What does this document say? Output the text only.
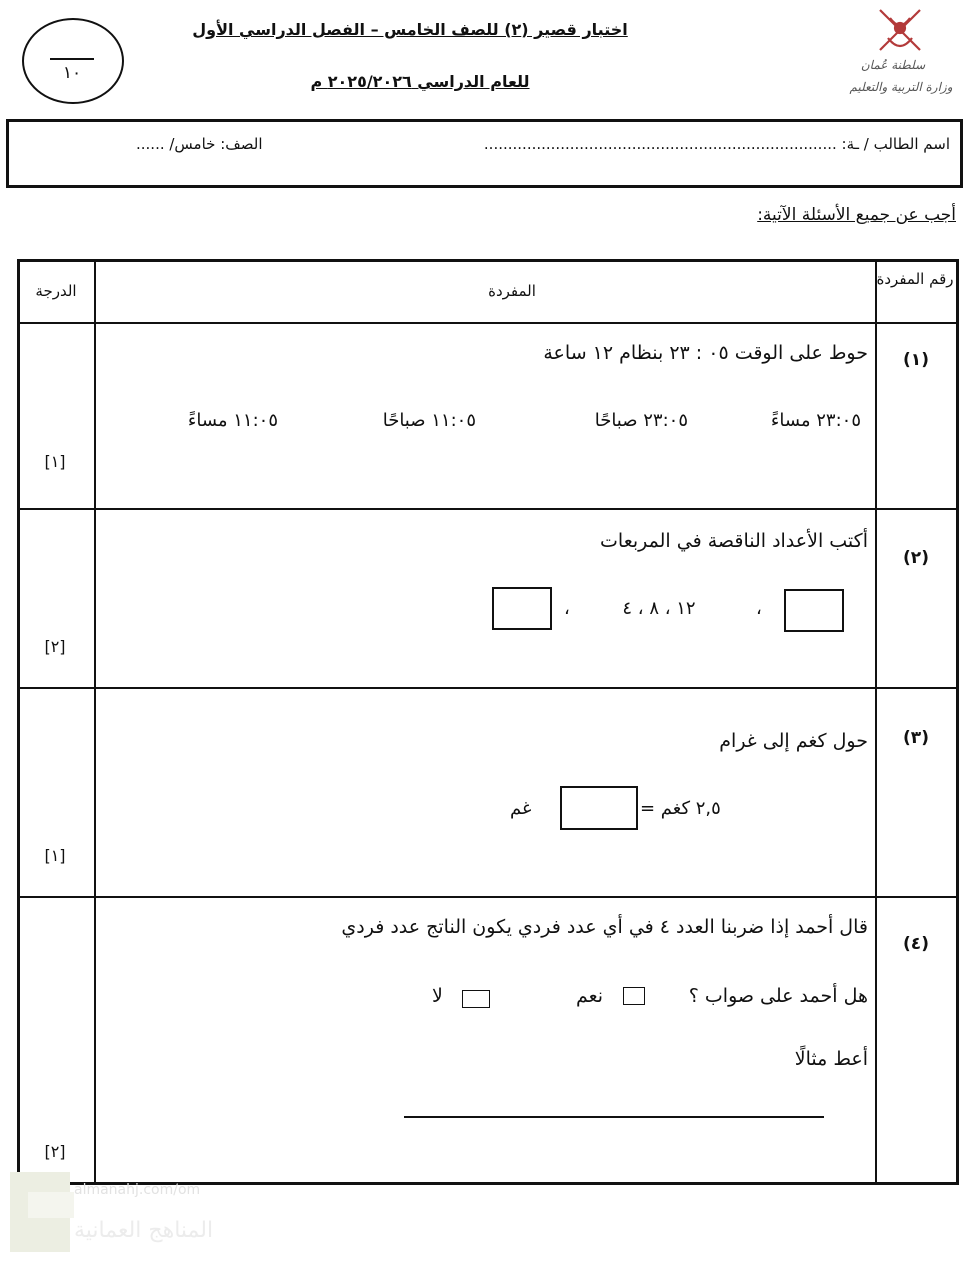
١٠
اختبار قصير (٢) للصف الخامس – الفصل الدراسي الأول
للعام الدراسي ٢٠٢٥/٢٠٢٦ م
سلطنة عُمان
وزارة التربية والتعليم
اسم الطالب / ـة: ..........................................................................
الصف: خامس/ ......
أجب عن جميع الأسئلة الآتية:
رقم المفردة
المفردة
الدرجة
(١)
حوط على الوقت ٠٥ : ٢٣ بنظام ١٢ ساعة
٢٣:٠٥ مساءً
٢٣:٠٥ صباحًا
١١:٠٥ صباحًا
١١:٠٥ مساءً
[١]
(٢)
أكتب الأعداد الناقصة في المربعات
،
١٢ ، ٨ ، ٤
،
[٢]
(٣)
حول كغم إلى غرام
٢,٥ كغم =
غم
[١]
(٤)
قال أحمد إذا ضربنا العدد ٤ في أي عدد فردي يكون الناتج عدد فردي
هل أحمد على صواب ؟
نعم
لا
أعط مثالًا
[٢]
almanahj.com/om
المناهج العمانية
